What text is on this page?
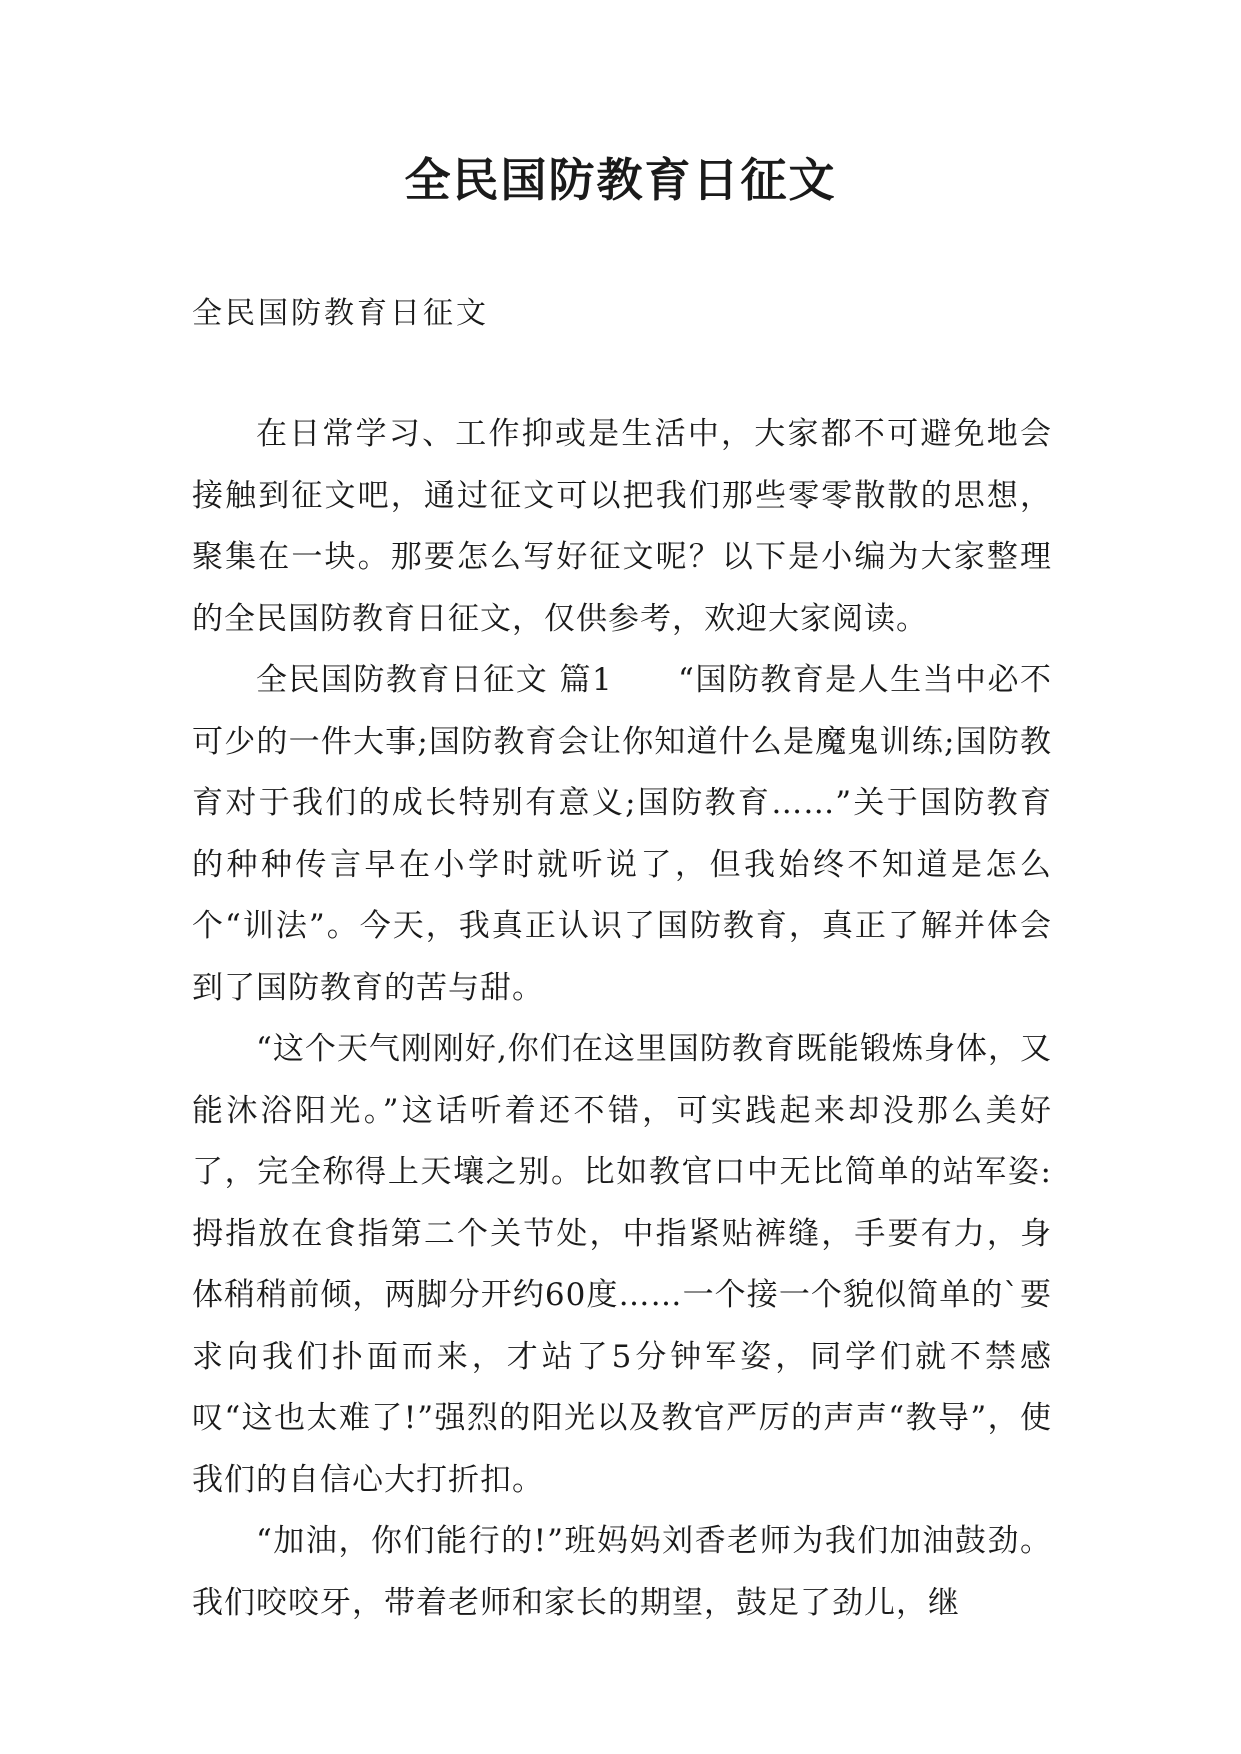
全民国防教育日征文

全民国防教育日征文

在日常学习、工作抑或是生活中，大家都不可避免地会接触到征文吧，通过征文可以把我们那些零零散散的思想，聚集在一块。那要怎么写好征文呢？以下是小编为大家整理的全民国防教育日征文，仅供参考，欢迎大家阅读。

全民国防教育日征文 篇1　　“国防教育是人生当中必不可少的一件大事;国防教育会让你知道什么是魔鬼训练;国防教育对于我们的成长特别有意义;国防教育……”关于国防教育的种种传言早在小学时就听说了，但我始终不知道是怎么个“训法”。今天，我真正认识了国防教育，真正了解并体会到了国防教育的苦与甜。

“这个天气刚刚好,你们在这里国防教育既能锻炼身体，又能沐浴阳光。”这话听着还不错，可实践起来却没那么美好了，完全称得上天壤之别。比如教官口中无比简单的站军姿:拇指放在食指第二个关节处，中指紧贴裤缝，手要有力，身体稍稍前倾，两脚分开约60度……一个接一个貌似简单的`要求向我们扑面而来，才站了5分钟军姿，同学们就不禁感叹“这也太难了!”强烈的阳光以及教官严厉的声声“教导”，使我们的自信心大打折扣。

“加油，你们能行的!”班妈妈刘香老师为我们加油鼓劲。我们咬咬牙，带着老师和家长的期望，鼓足了劲儿，继
